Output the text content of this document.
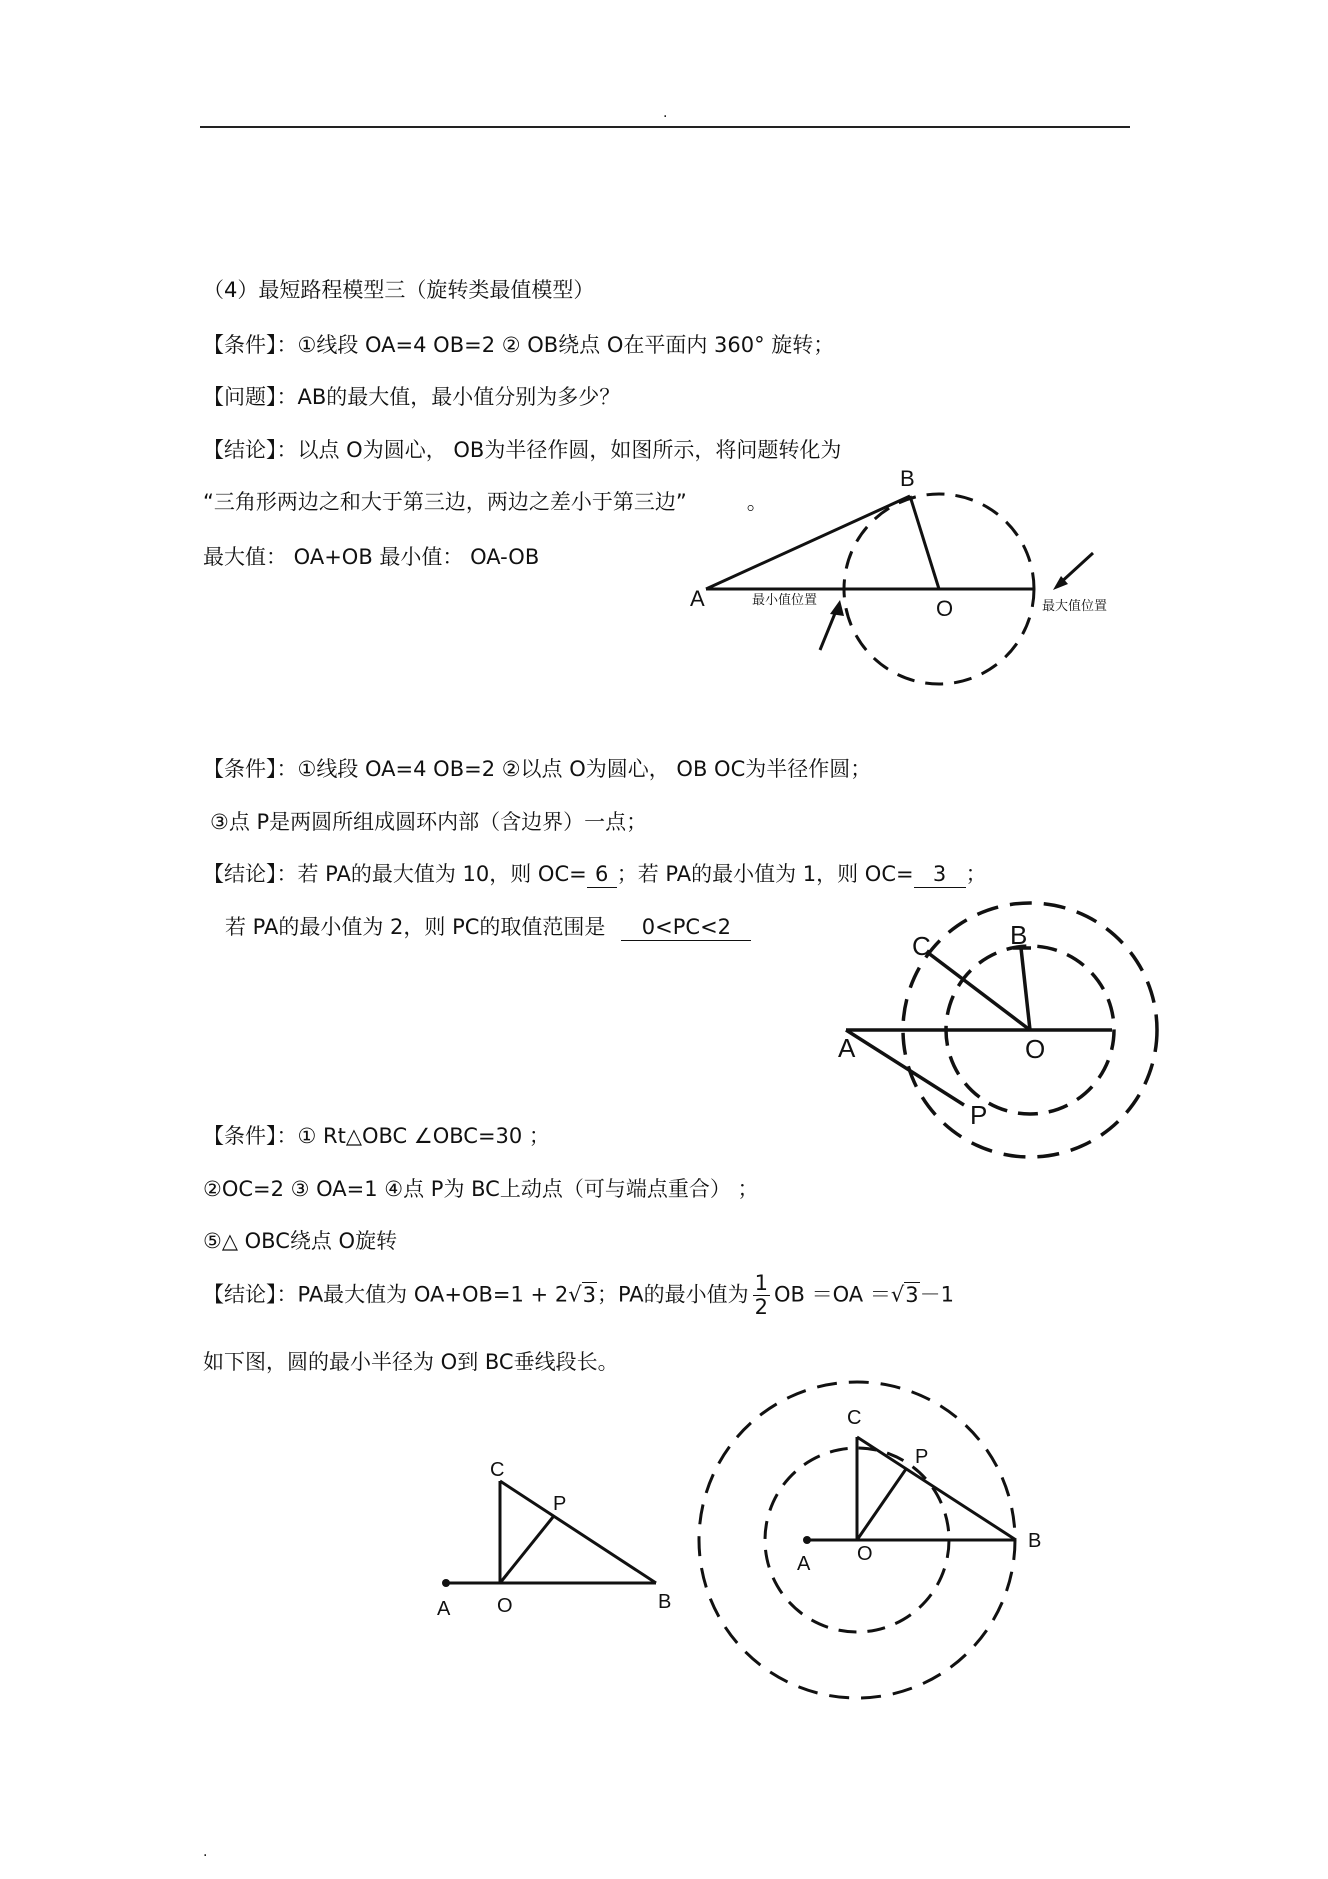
.
（4）最短路程模型三（旋转类最值模型）
【条件】：①线段 OA=4 OB=2 ② OB绕点 O在平面内 360° 旋转；
【问题】：AB的最大值，最小值分别为多少？
【结论】：以点 O为圆心， OB为半径作圆，如图所示，将问题转化为
“三角形两边之和大于第三边，两边之差小于第三边”	。
最大值： OA+OB 最小值： OA-OB
A
B
O
最小值位置	最大值位置
【条件】：①线段 OA=4 OB=2 ②以点 O为圆心， OB OC为半径作圆；
③点 P是两圆所组成圆环内部（含边界）一点；
【结论】：若 PA的最大值为 10，则 OC= 6 ；若 PA的最小值为 1，则 OC= 3 ；
若 PA的最小值为 2，则 PC的取值范围是 0<PC<2
A
B
C
O
P
【条件】：① Rt△OBC ∠OBC=30 ；
②OC=2 ③ OA=1 ④点 P为 BC上动点（可与端点重合） ；
⑤△ OBC绕点 O旋转
【结论】：PA最大值为 OA+OB=1 + 2√3；PA的最小值为 $\frac{1}{2}$ OB ＝OA ＝√3－1
如下图，圆的最小半径为 O到 BC垂线段长。
A	B
C
O
P
A
B
C
O
P
.
